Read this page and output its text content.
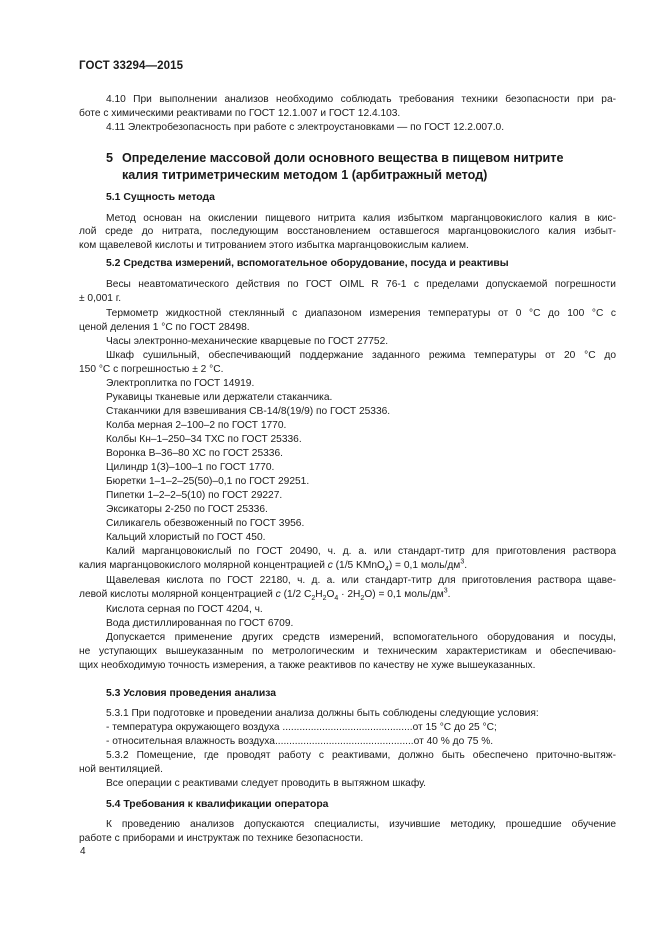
ГОСТ 33294—2015
4.10 При выполнении анализов необходимо соблюдать требования техники безопасности при ра-
боте с химическими реактивами по ГОСТ 12.1.007 и ГОСТ 12.4.103.
4.11 Электробезопасность при работе с электроустановками — по ГОСТ 12.2.007.0.
5 Определение массовой доли основного вещества в пищевом нитрите
калия титриметрическим методом 1 (арбитражный метод)
5.1 Сущность метода
Метод основан на окислении пищевого нитрита калия избытком марганцовокислого калия в кис-
лой среде до нитрата, последующим восстановлением оставшегося марганцовокислого калия избыт-
ком щавелевой кислоты и титрованием этого избытка марганцовокислым калием.
5.2 Средства измерений, вспомогательное оборудование, посуда и реактивы
Весы неавтоматического действия по ГОСТ OIML R 76-1 с пределами допускаемой погрешности
± 0,001 г.
Термометр жидкостной стеклянный с диапазоном измерения температуры от 0 °С до 100 °С с
ценой деления 1 °С по ГОСТ 28498.
Часы электронно-механические кварцевые по ГОСТ 27752.
Шкаф сушильный, обеспечивающий поддержание заданного режима температуры от 20 °С до
150 °С с погрешностью ± 2 °С.
Электроплитка по ГОСТ 14919.
Рукавицы тканевые или держатели стаканчика.
Стаканчики для взвешивания СВ-14/8(19/9) по ГОСТ 25336.
Колба мерная 2–100–2 по ГОСТ 1770.
Колбы Кн–1–250–34 ТХС по ГОСТ 25336.
Воронка В–36–80 ХС по ГОСТ 25336.
Цилиндр 1(3)–100–1 по ГОСТ 1770.
Бюретки 1–1–2–25(50)–0,1 по ГОСТ 29251.
Пипетки 1–2–2–5(10) по ГОСТ 29227.
Эксикаторы 2-250 по ГОСТ 25336.
Силикагель обезвоженный по ГОСТ 3956.
Кальций хлористый по ГОСТ 450.
Калий марганцовокислый по ГОСТ 20490, ч. д. а. или стандарт-титр для приготовления раствора
калия марганцовокислого молярной концентрацией с (1/5 KMnO$_4$) = 0,1 моль/$дм^3$.
Щавелевая кислота по ГОСТ 22180, ч. д. а. или стандарт-титр для приготовления раствора щаве-
левой кислоты молярной концентрацией с (1/2 $C_2H_2O_4 \cdot 2H_2O) = 0,1$ моль/$дм^3$.
Кислота серная по ГОСТ 4204, ч.
Вода дистиллированная по ГОСТ 6709.
Допускается применение других средств измерений, вспомогательного оборудования и посуды,
не уступающих вышеуказанным по метрологическим и техническим характеристикам и обеспечиваю-
щих необходимую точность измерения, а также реактивов по качеству не хуже вышеуказанных.
5.3 Условия проведения анализа
5.3.1 При подготовке и проведении анализа должны быть соблюдены следующие условия:
- температура окружающего воздуха ..............................................от 15 °С до 25 °С;
- относительная влажность воздуха.................................................от 40 % до 75 %.
5.3.2 Помещение, где проводят работу с реактивами, должно быть обеспечено приточно-вытяж-
ной вентиляцией.
Все операции с реактивами следует проводить в вытяжном шкафу.
5.4 Требования к квалификации оператора
К проведению анализов допускаются специалисты, изучившие методику, прошедшие обучение
работе с приборами и инструктаж по технике безопасности.
4
